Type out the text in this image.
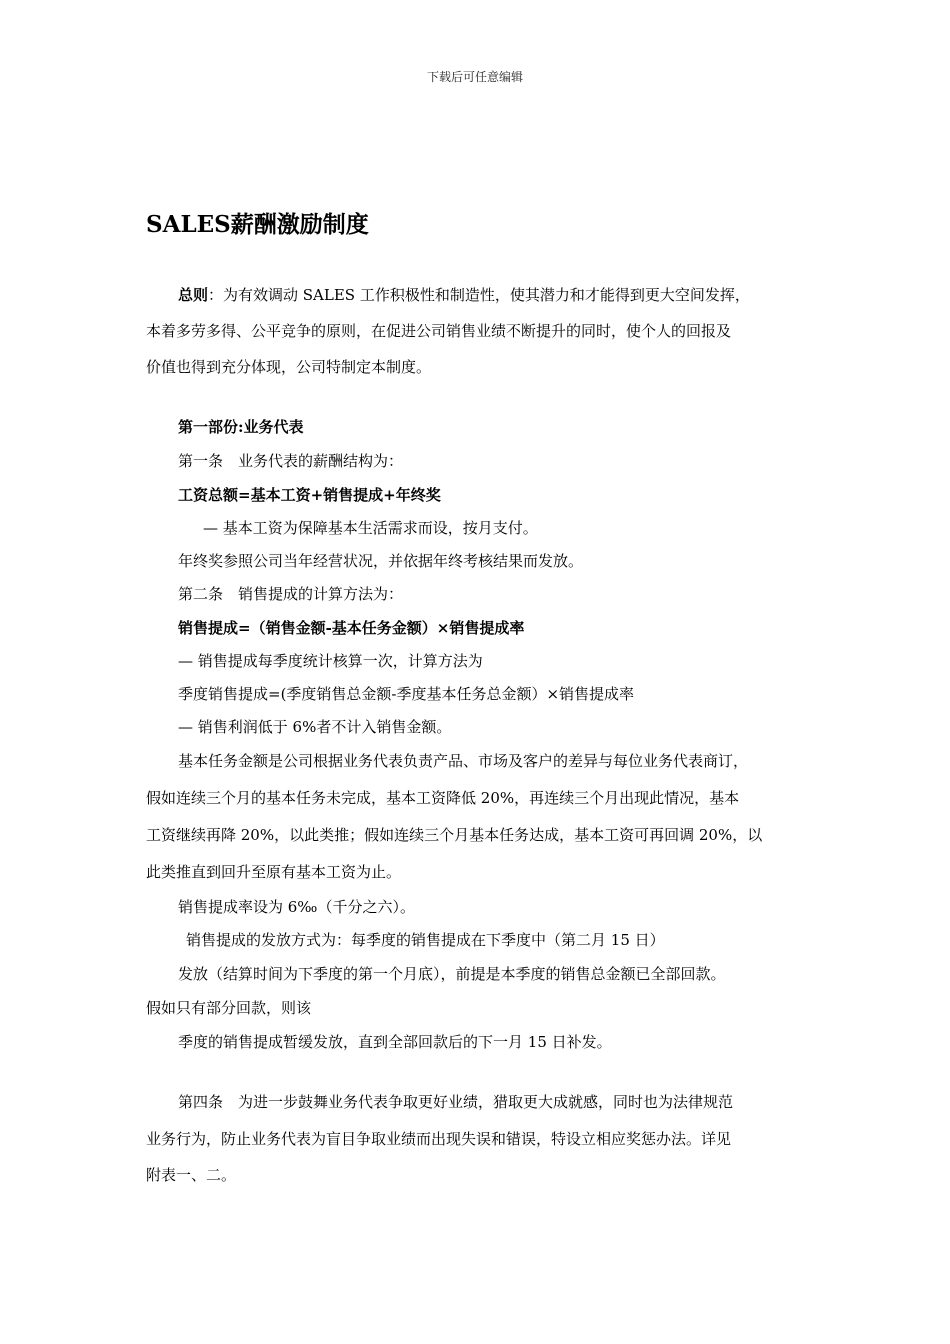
下载后可任意编辑
SALES薪酬激励制度
总则：为有效调动 SALES 工作积极性和制造性，使其潜力和才能得到更大空间发挥，
本着多劳多得、公平竞争的原则，在促进公司销售业绩不断提升的同时，使个人的回报及
价值也得到充分体现，公司特制定本制度。
第一部份:业务代表
第一条　业务代表的薪酬结构为：
工资总额=基本工资+销售提成+年终奖
— 基本工资为保障基本生活需求而设，按月支付。
年终奖参照公司当年经营状况，并依据年终考核结果而发放。
第二条　销售提成的计算方法为：
销售提成=（销售金额-基本任务金额）×销售提成率
— 销售提成每季度统计核算一次，计算方法为
季度销售提成=(季度销售总金额-季度基本任务总金额）×销售提成率
— 销售利润低于 6%者不计入销售金额。
基本任务金额是公司根据业务代表负责产品、市场及客户的差异与每位业务代表商订，
假如连续三个月的基本任务未完成，基本工资降低 20%，再连续三个月出现此情况，基本
工资继续再降 20%，以此类推；假如连续三个月基本任务达成，基本工资可再回调 20%，以
此类推直到回升至原有基本工资为止。
销售提成率设为 6‰（千分之六）。
销售提成的发放方式为：每季度的销售提成在下季度中（第二月 15 日）
发放（结算时间为下季度的第一个月底），前提是本季度的销售总金额已全部回款。
假如只有部分回款，则该
季度的销售提成暂缓发放，直到全部回款后的下一月 15 日补发。
第四条　为进一步鼓舞业务代表争取更好业绩，猎取更大成就感，同时也为法律规范
业务行为，防止业务代表为盲目争取业绩而出现失误和错误，特设立相应奖惩办法。详见
附表一、二。
